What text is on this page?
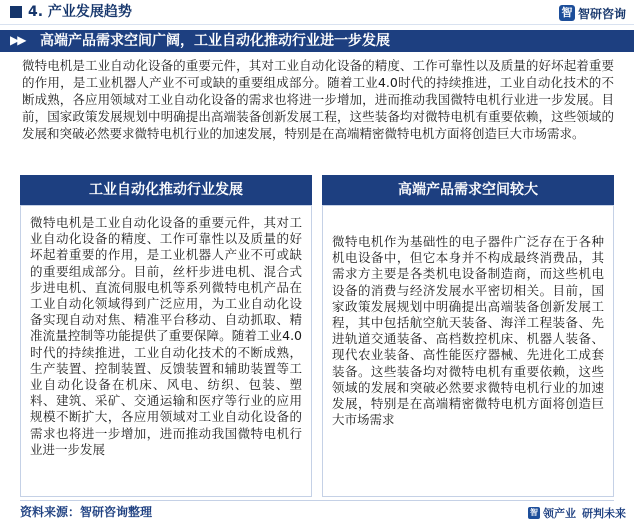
4. 产业发展趋势	智 智研咨询
▶▶ 高端产品需求空间广阔，工业自动化推动行业进一步发展
微特电机是工业自动化设备的重要元件，其对工业自动化设备的精度、工作可靠性以及质量的好坏起着重要的作用，是工业机器人产业不可或缺的重要组成部分。随着工业4.0时代的持续推进，工业自动化技术的不断成熟，各应用领域对工业自动化设备的需求也将进一步增加，进而推动我国微特电机行业进一步发展。目前，国家政策发展规划中明确提出高端装备创新发展工程，这些装备均对微特电机有重要依赖，这些领域的发展和突破必然要求微特电机行业的加速发展，特别是在高端精密微特电机方面将创造巨大市场需求。
工业自动化推动行业发展	高端产品需求空间较大
微特电机是工业自动化设备的重要元件，其对工业自动化设备的精度、工作可靠性以及质量的好坏起着重要的作用，是工业机器人产业不可或缺的重要组成部分。目前，丝杆步进电机、混合式步进电机、直流伺服电机等系列微特电机产品在工业自动化领域得到广泛应用，为工业自动化设备实现自动对焦、精准平台移动、自动抓取、精准流量控制等功能提供了重要保障。随着工业4.0时代的持续推进，工业自动化技术的不断成熟，生产装置、控制装置、反馈装置和辅助装置等工业自动化设备在机床、风电、纺织、包装、塑料、建筑、采矿、交通运输和医疗等行业的应用规模不断扩大，各应用领域对工业自动化设备的需求也将进一步增加，进而推动我国微特电机行业进一步发展
微特电机作为基础性的电子器件广泛存在于各种机电设备中，但它本身并不构成最终消费品，其需求方主要是各类机电设备制造商，而这些机电设备的消费与经济发展水平密切相关。目前，国家政策发展规划中明确提出高端装备创新发展工程，其中包括航空航天装备、海洋工程装备、先进轨道交通装备、高档数控机床、机器人装备、现代农业装备、高性能医疗器械、先进化工成套装备。这些装备均对微特电机有重要依赖，这些领域的发展和突破必然要求微特电机行业的加速发展，特别是在高端精密微特电机方面将创造巨大市场需求
资料来源：智研咨询整理	智 领产业 研判未来
